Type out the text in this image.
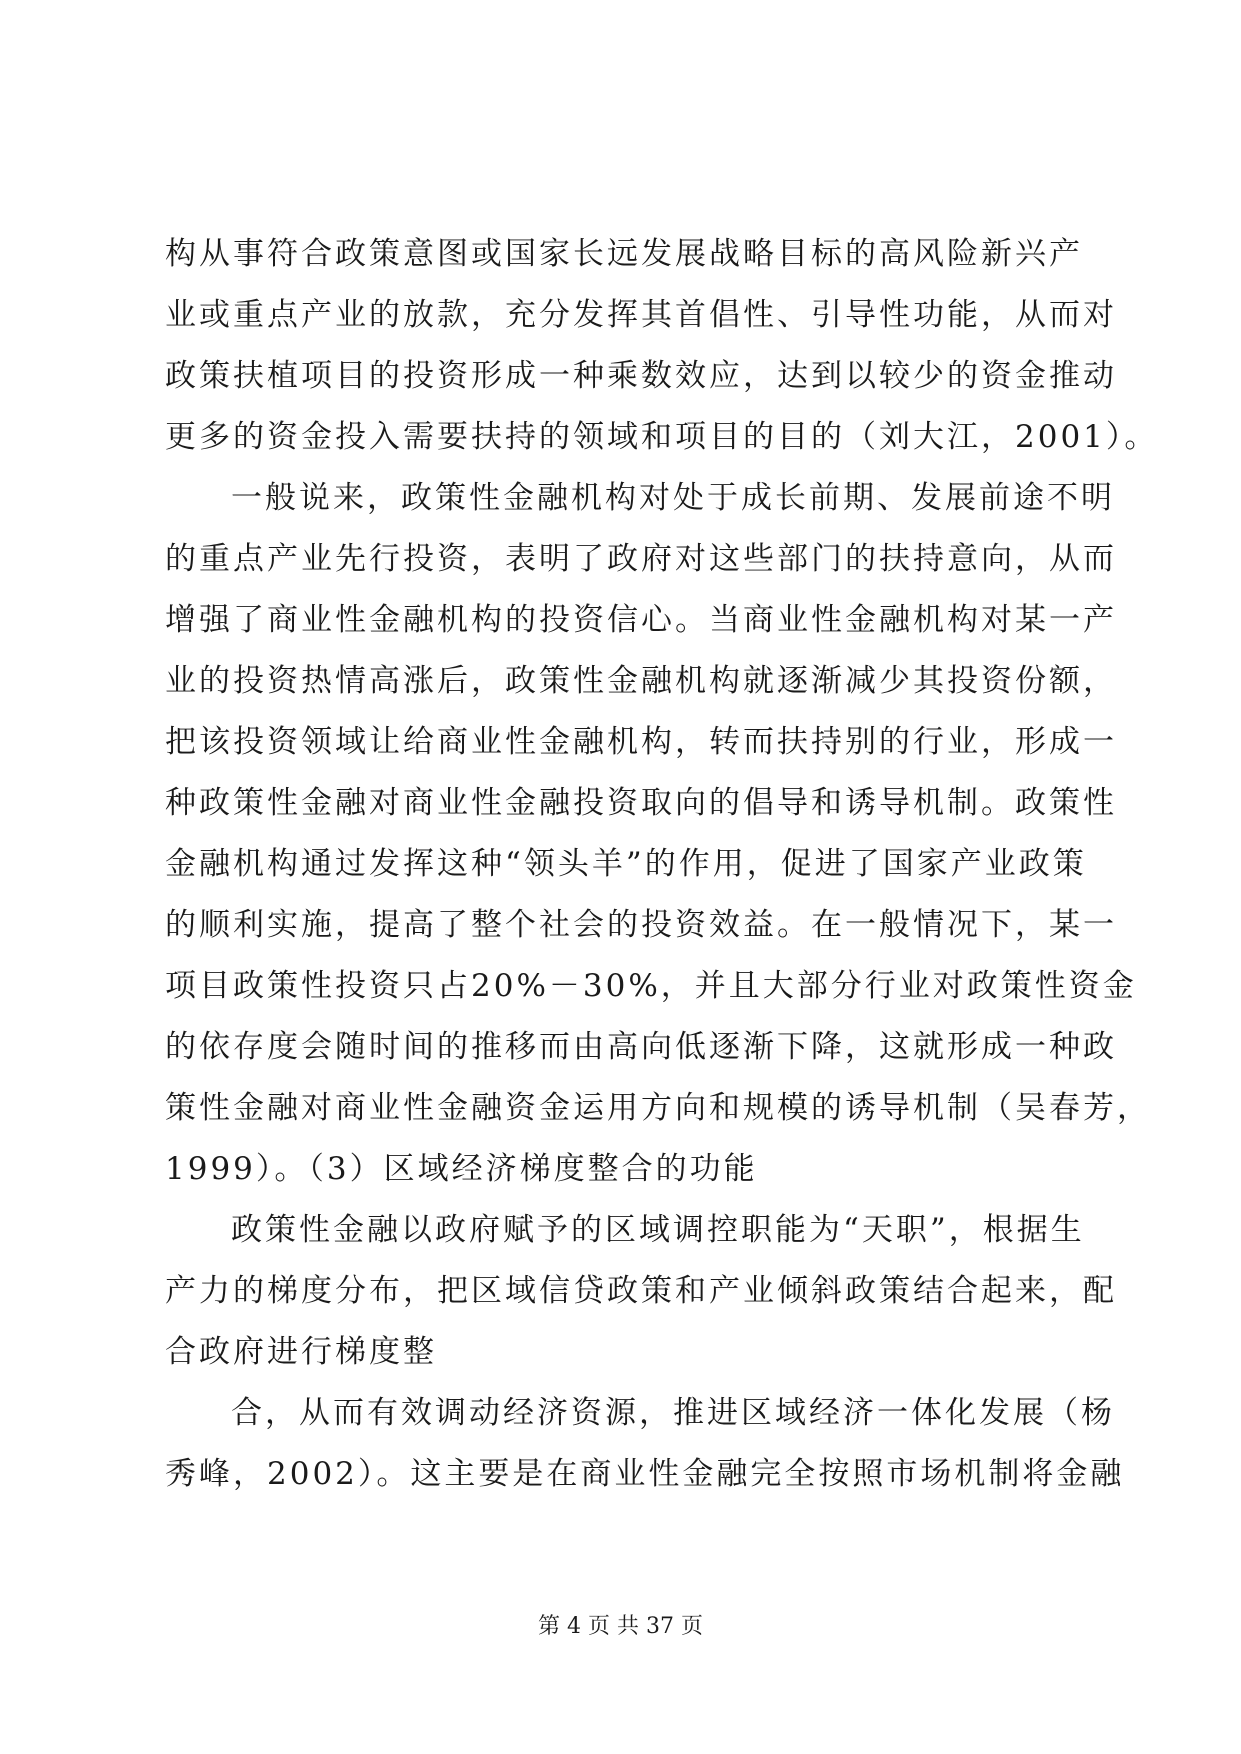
构从事符合政策意图或国家长远发展战略目标的高风险新兴产
业或重点产业的放款，充分发挥其首倡性、引导性功能，从而对
政策扶植项目的投资形成一种乘数效应，达到以较少的资金推动
更多的资金投入需要扶持的领域和项目的目的（刘大江，2001）。
一般说来，政策性金融机构对处于成长前期、发展前途不明
的重点产业先行投资，表明了政府对这些部门的扶持意向，从而
增强了商业性金融机构的投资信心。当商业性金融机构对某一产
业的投资热情高涨后，政策性金融机构就逐渐减少其投资份额，
把该投资领域让给商业性金融机构，转而扶持别的行业，形成一
种政策性金融对商业性金融投资取向的倡导和诱导机制。政策性
金融机构通过发挥这种“领头羊”的作用，促进了国家产业政策
的顺利实施，提高了整个社会的投资效益。在一般情况下，某一
项目政策性投资只占20%－30%，并且大部分行业对政策性资金
的依存度会随时间的推移而由高向低逐渐下降，这就形成一种政
策性金融对商业性金融资金运用方向和规模的诱导机制（吴春芳，
1999）。（3）区域经济梯度整合的功能
政策性金融以政府赋予的区域调控职能为“天职”，根据生
产力的梯度分布，把区域信贷政策和产业倾斜政策结合起来，配
合政府进行梯度整
合，从而有效调动经济资源，推进区域经济一体化发展（杨
秀峰，2002）。这主要是在商业性金融完全按照市场机制将金融
第 4 页 共 37 页
